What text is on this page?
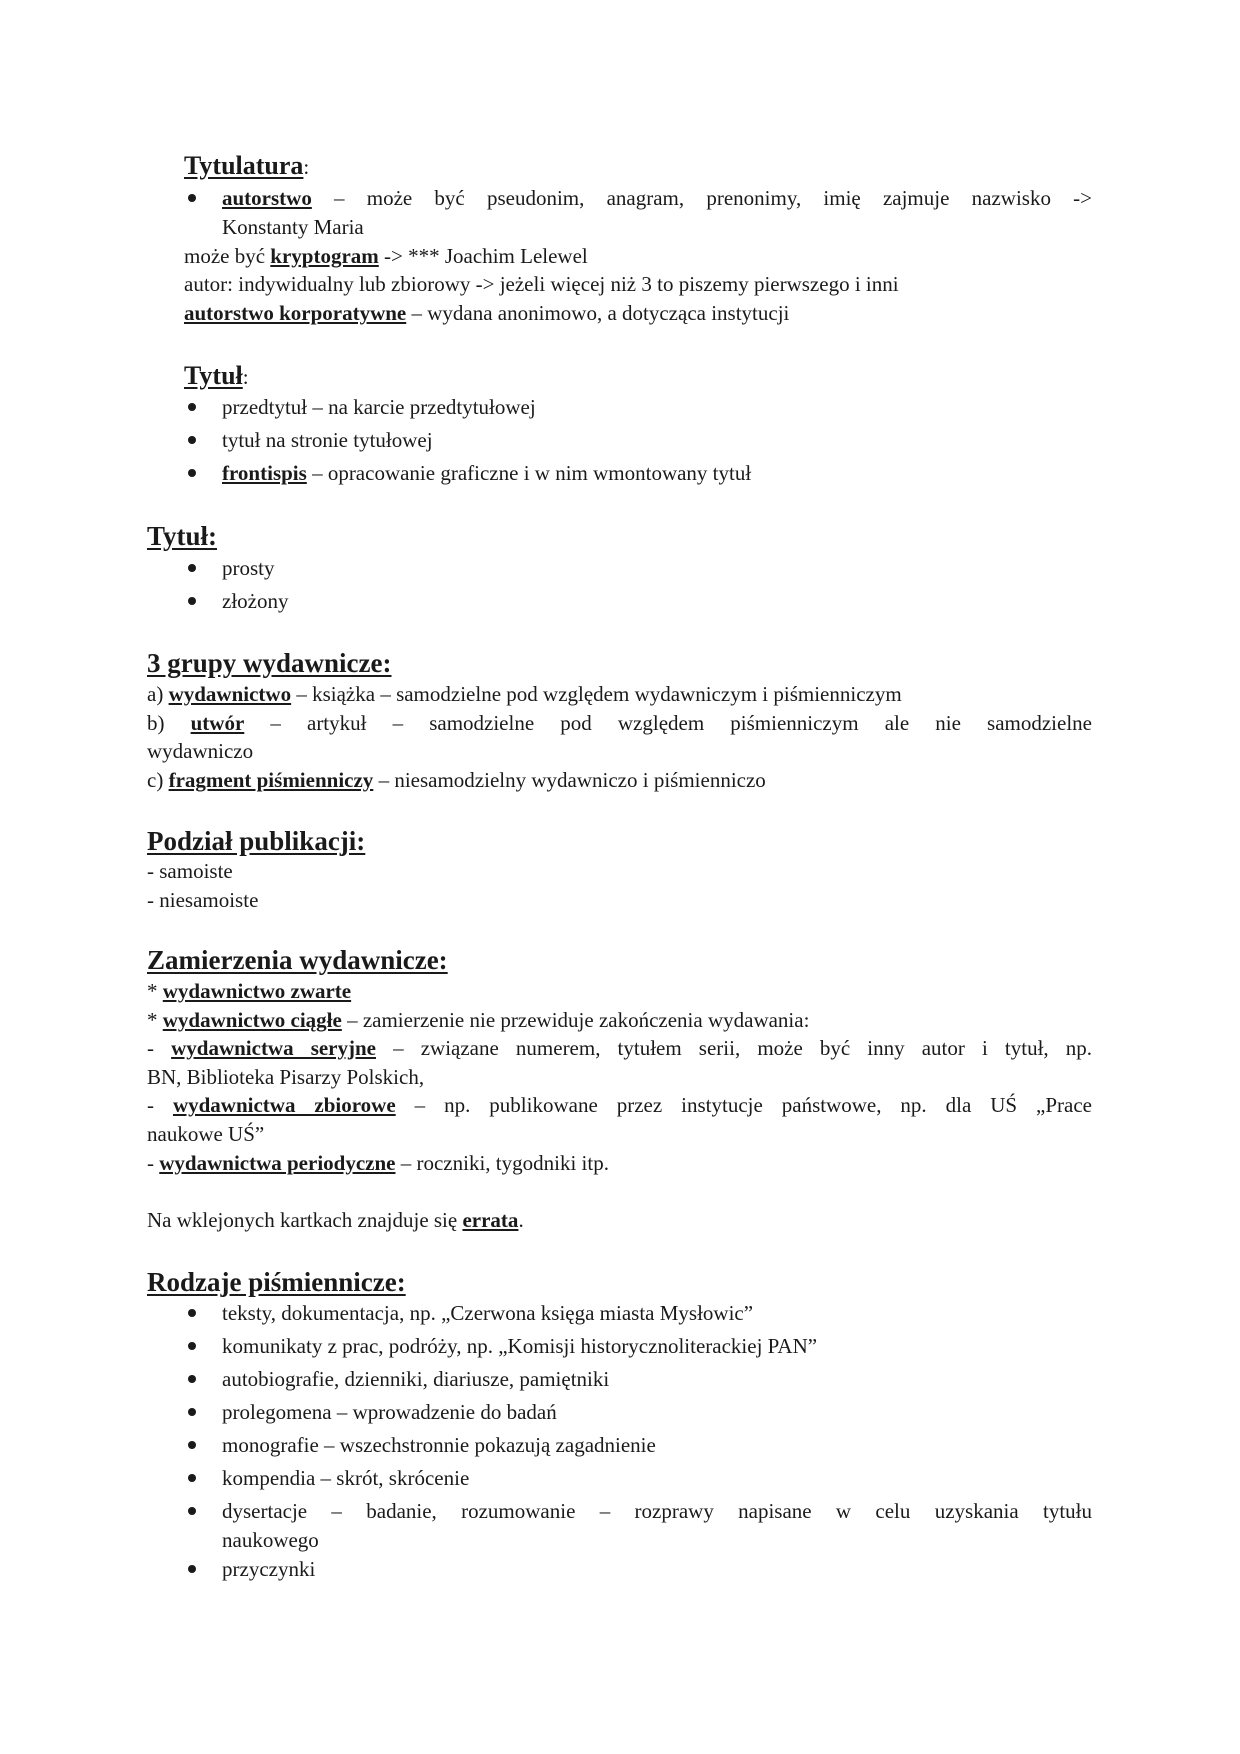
Tytulatura:
autorstwo – może być pseudonim, anagram, prenonimy, imię zajmuje nazwisko ->
Konstanty Maria
może być kryptogram -> *** Joachim Lelewel
autor: indywidualny lub zbiorowy -> jeżeli więcej niż 3 to piszemy pierwszego i inni
autorstwo korporatywne – wydana anonimowo, a dotycząca instytucji
Tytuł:
przedtytuł – na karcie przedtytułowej
tytuł na stronie tytułowej
frontispis – opracowanie graficzne i w nim wmontowany tytuł
Tytuł:
prosty
złożony
3 grupy wydawnicze:
a) wydawnictwo – książka – samodzielne pod względem wydawniczym i piśmienniczym
b) utwór – artykuł – samodzielne pod względem piśmienniczym ale nie samodzielne
wydawniczo
c) fragment piśmienniczy – niesamodzielny wydawniczo i piśmienniczo
Podział publikacji:
- samoiste
- niesamoiste
Zamierzenia wydawnicze:
* wydawnictwo zwarte
* wydawnictwo ciągłe – zamierzenie nie przewiduje zakończenia wydawania:
- wydawnictwa seryjne – związane numerem, tytułem serii, może być inny autor i tytuł, np.
BN, Biblioteka Pisarzy Polskich,
- wydawnictwa zbiorowe – np. publikowane przez instytucje państwowe, np. dla UŚ „Prace
naukowe UŚ”
- wydawnictwa periodyczne – roczniki, tygodniki itp.
Na wklejonych kartkach znajduje się errata.
Rodzaje piśmiennicze:
teksty, dokumentacja, np. „Czerwona księga miasta Mysłowic”
komunikaty z prac, podróży, np. „Komisji historycznoliterackiej PAN”
autobiografie, dzienniki, diariusze, pamiętniki
prolegomena – wprowadzenie do badań
monografie – wszechstronnie pokazują zagadnienie
kompendia – skrót, skrócenie
dysertacje – badanie, rozumowanie – rozprawy napisane w celu uzyskania tytułu
naukowego
przyczynki
